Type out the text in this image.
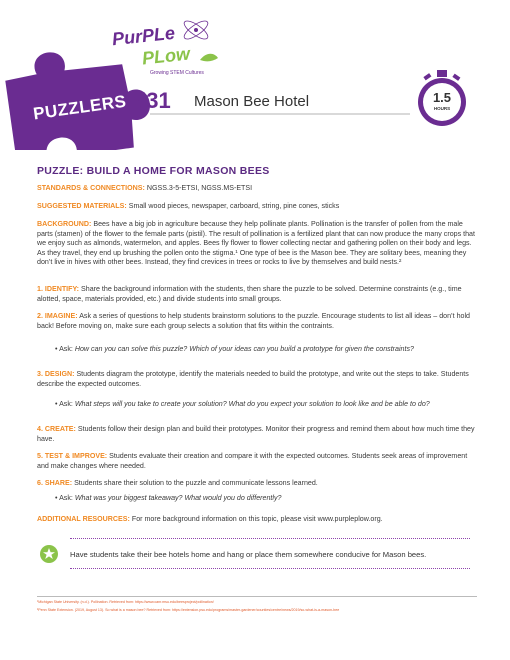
PurPLe
PLow
Growing STEM Cultures
PUZZLERS #31 Mason Bee Hotel	1.5
HOURS
PUZZLE: BUILD A HOME FOR MASON BEES

STANDARDS & CONNECTIONS: NGSS.3-5-ETSI, NGSS.MS-ETSI

SUGGESTED MATERIALS: Small wood pieces, newspaper, carboard, string, pine cones, sticks

BACKGROUND: Bees have a big job in agriculture because they help pollinate plants. Pollination is the transfer of pollen from the male parts (stamen) of the flower to the female parts (pistil). The result of pollination is a fertilized plant that can now produce the many crops that we enjoy such as almonds, watermelon, and apples. Bees fly flower to flower collecting nectar and gathering pollen on their body and legs. As they travel, they end up brushing the pollen onto the stigma.¹ One type of bee is the Mason bee. They are solitary bees, meaning they don’t live in hives with other bees. Instead, they find crevices in trees or rocks to live by themselves and build nests.²

1. IDENTIFY: Share the background information with the students, then share the puzzle to be solved. Determine constraints (e.g., time alotted, space, materials provided, etc.) and divide students into small groups.

2. IMAGINE: Ask a series of questions to help students brainstorm solutions to the puzzle. Encourage students to list all ideas – don’t hold back! Before moving on, make sure each group selects a solution that fits within the contraints.

• Ask: How can you can solve this puzzle? Which of your ideas can you build a prototype for given the constraints?

3. DESIGN: Students diagram the prototype, identify the materials needed to build the prototype, and write out the steps to take. Students describe the expected outcomes.

• Ask: What steps will you take to create your solution? What do you expect your solution to look like and be able to do?

4. CREATE: Students follow their design plan and build their prototypes. Monitor their progress and remind them about how much time they have.

5. TEST & IMPROVE: Students evaluate their creation and compare it with the expected outcomes. Students seek areas of improvement and make changes where needed.

6. SHARE: Students share their solution to the puzzle and communicate lessons learned.

• Ask: What was your biggest takeaway? What would you do differently?

ADDITIONAL RESOURCES: For more background information on this topic, please visit www.purpleplow.org.

Have students take their bee hotels home and hang or place them somewhere conducive for Mason bees.

¹Michigan State University. (n.d.). Pollination. Retrieved from: https://www.canr.msu.edu/beesproject/pollination/

²Penn State Extension. (2019, August 13). So what is a mason bee? Retrieved from: https://extension.psu.edu/programs/master-gardener/counties/centre/news/2019/so-what-is-a-mason-bee
